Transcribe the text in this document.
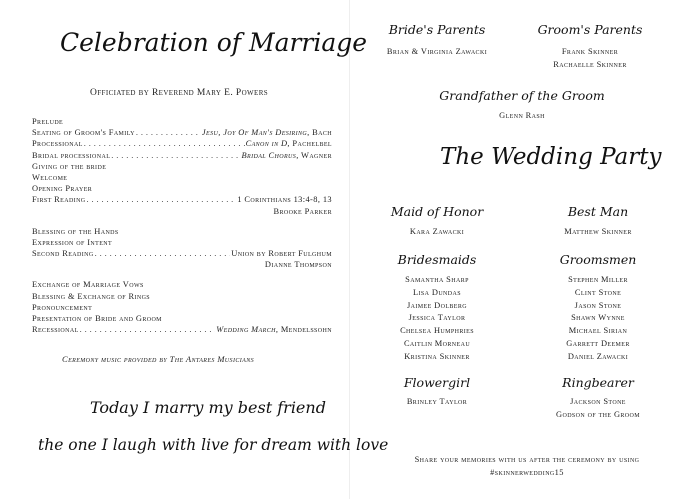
Celebration of Marriage
Officiated by Reverend Mary E. Powers
Prelude
Seating of Groom's Family . . .	Jesu, Joy Of Man's Desiring, Bach
Processional . . .	Canon in D, Pachelbel
Bridal processional . . .	Bridal Chorus, Wagner
Giving of the bride
Welcome
Opening Prayer
First Reading . . .	1 Corinthians 13:4-8, 13
Brooke Parker
Blessing of the Hands
Expression of Intent
Second Reading . . .	Union by Robert Fulghum
Dianne Thompson
Exchange of Marriage Vows
Blessing & Exchange of Rings
Pronouncement
Presentation of Bride and Groom
Recessional . . .	Wedding March, Mendelssohn
Ceremony music provided by The Antares Musicians
Today I marry my best friend
the one I laugh with live for dream with love
Bride's Parents
Brian & Virginia Zawacki
Groom's Parents
Frank Skinner
Rachaelle Skinner
Grandfather of the Groom
Glenn Rash
The Wedding Party
Maid of Honor
Kara Zawacki
Best Man
Matthew Skinner
Bridesmaids
Samantha Sharp
Lisa Dundas
Jaimee Dolberg
Jessica Taylor
Chelsea Humphries
Caitlin Morneau
Kristina Skinner
Groomsmen
Stephen Miller
Clint Stone
Jason Stone
Shawn Wynne
Michael Sirian
Garrett Deemer
Daniel Zawacki
Flowergirl
Brinley Taylor
Ringbearer
Jackson Stone
Godson of the Groom
Share your memories with us after the ceremony by using
#skinnerwedding15
